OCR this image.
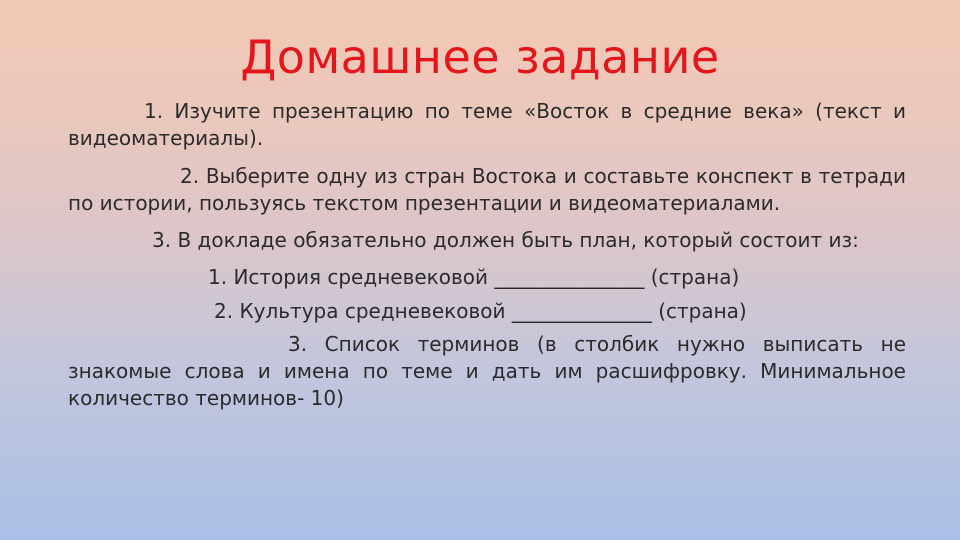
Домашнее задание
1. Изучите презентацию по теме «Восток в средние века» (текст и видеоматериалы).
2. Выберите одну из стран Востока и составьте конспект в тетради по истории, пользуясь текстом презентации и видеоматериалами.
3. В докладе обязательно должен быть план, который состоит из:
1. История средневековой _______________ (страна)
2. Культура средневековой ______________ (страна)
3. Список терминов (в столбик нужно выписать не знакомые слова и имена по теме и дать им расшифровку. Минимальное количество терминов- 10)
